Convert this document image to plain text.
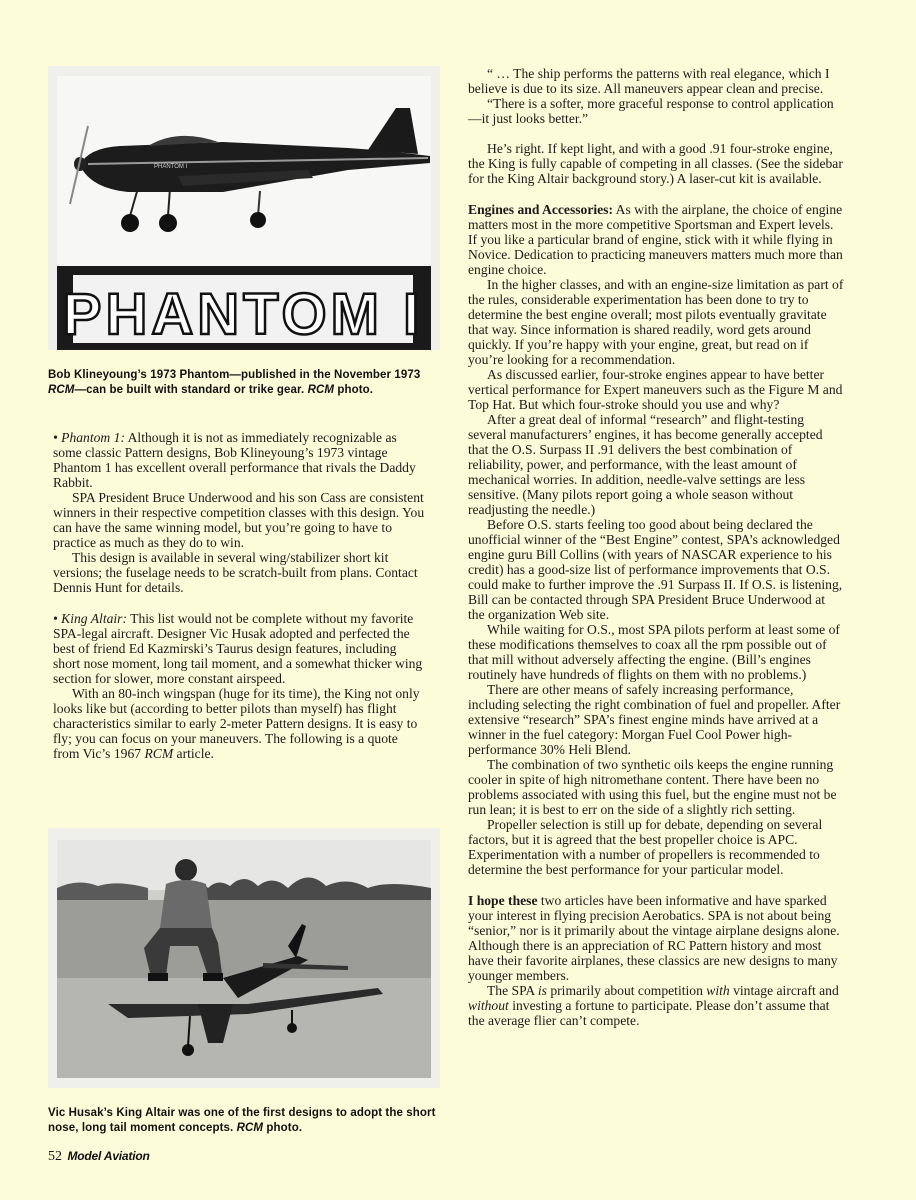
PHANTOM I
PHANTOM I
Bob Klineyoung’s 1973 Phantom—published in the November 1973 RCM—can be built with standard or trike gear. RCM photo.

• Phantom 1: Although it is not as immediately recognizable as some classic Pattern designs, Bob Klineyoung’s 1973 vintage Phantom 1 has excellent overall performance that rivals the Daddy Rabbit.

SPA President Bruce Underwood and his son Cass are consistent winners in their respective competition classes with this design. You can have the same winning model, but you’re going to have to practice as much as they do to win.

This design is available in several wing/stabilizer short kit versions; the fuselage needs to be scratch-built from plans. Contact Dennis Hunt for details.

• King Altair: This list would not be complete without my favorite SPA-legal aircraft. Designer Vic Husak adopted and perfected the best of friend Ed Kazmirski’s Taurus design features, including short nose moment, long tail moment, and a somewhat thicker wing section for slower, more constant airspeed.

With an 80-inch wingspan (huge for its time), the King not only looks like but (according to better pilots than myself) has flight characteristics similar to early 2-meter Pattern designs. It is easy to fly; you can focus on your maneuvers. The following is a quote from Vic’s 1967 RCM article.

Vic Husak’s King Altair was one of the first designs to adopt the short nose, long tail moment concepts. RCM photo.

“ … The ship performs the patterns with real elegance, which I believe is due to its size. All maneuvers appear clean and precise.

“There is a softer, more graceful response to control application—it just looks better.”

He’s right. If kept light, and with a good .91 four-stroke engine, the King is fully capable of competing in all classes. (See the sidebar for the King Altair background story.) A laser-cut kit is available.

Engines and Accessories: As with the airplane, the choice of engine matters most in the more competitive Sportsman and Expert levels. If you like a particular brand of engine, stick with it while flying in Novice. Dedication to practicing maneuvers matters much more than engine choice.

In the higher classes, and with an engine-size limitation as part of the rules, considerable experimentation has been done to try to determine the best engine overall; most pilots eventually gravitate that way. Since information is shared readily, word gets around quickly. If you’re happy with your engine, great, but read on if you’re looking for a recommendation.

As discussed earlier, four-stroke engines appear to have better vertical performance for Expert maneuvers such as the Figure M and Top Hat. But which four-stroke should you use and why?

After a great deal of informal “research” and flight-testing several manufacturers’ engines, it has become generally accepted that the O.S. Surpass II .91 delivers the best combination of reliability, power, and performance, with the least amount of mechanical worries. In addition, needle-valve settings are less sensitive. (Many pilots report going a whole season without readjusting the needle.)

Before O.S. starts feeling too good about being declared the unofficial winner of the “Best Engine” contest, SPA’s acknowledged engine guru Bill Collins (with years of NASCAR experience to his credit) has a good-size list of performance improvements that O.S. could make to further improve the .91 Surpass II. If O.S. is listening, Bill can be contacted through SPA President Bruce Underwood at the organization Web site.

While waiting for O.S., most SPA pilots perform at least some of these modifications themselves to coax all the rpm possible out of that mill without adversely affecting the engine. (Bill’s engines routinely have hundreds of flights on them with no problems.)

There are other means of safely increasing performance, including selecting the right combination of fuel and propeller. After extensive “research” SPA’s finest engine minds have arrived at a winner in the fuel category: Morgan Fuel Cool Power high-performance 30% Heli Blend.

The combination of two synthetic oils keeps the engine running cooler in spite of high nitromethane content. There have been no problems associated with using this fuel, but the engine must not be run lean; it is best to err on the side of a slightly rich setting.

Propeller selection is still up for debate, depending on several factors, but it is agreed that the best propeller choice is APC. Experimentation with a number of propellers is recommended to determine the best performance for your particular model.

I hope these two articles have been informative and have sparked your interest in flying precision Aerobatics. SPA is not about being “senior,” nor is it primarily about the vintage airplane designs alone. Although there is an appreciation of RC Pattern history and most have their favorite airplanes, these classics are new designs to many younger members.

The SPA is primarily about competition with vintage aircraft and without investing a fortune to participate. Please don’t assume that the average flier can’t compete.

52 Model Aviation
